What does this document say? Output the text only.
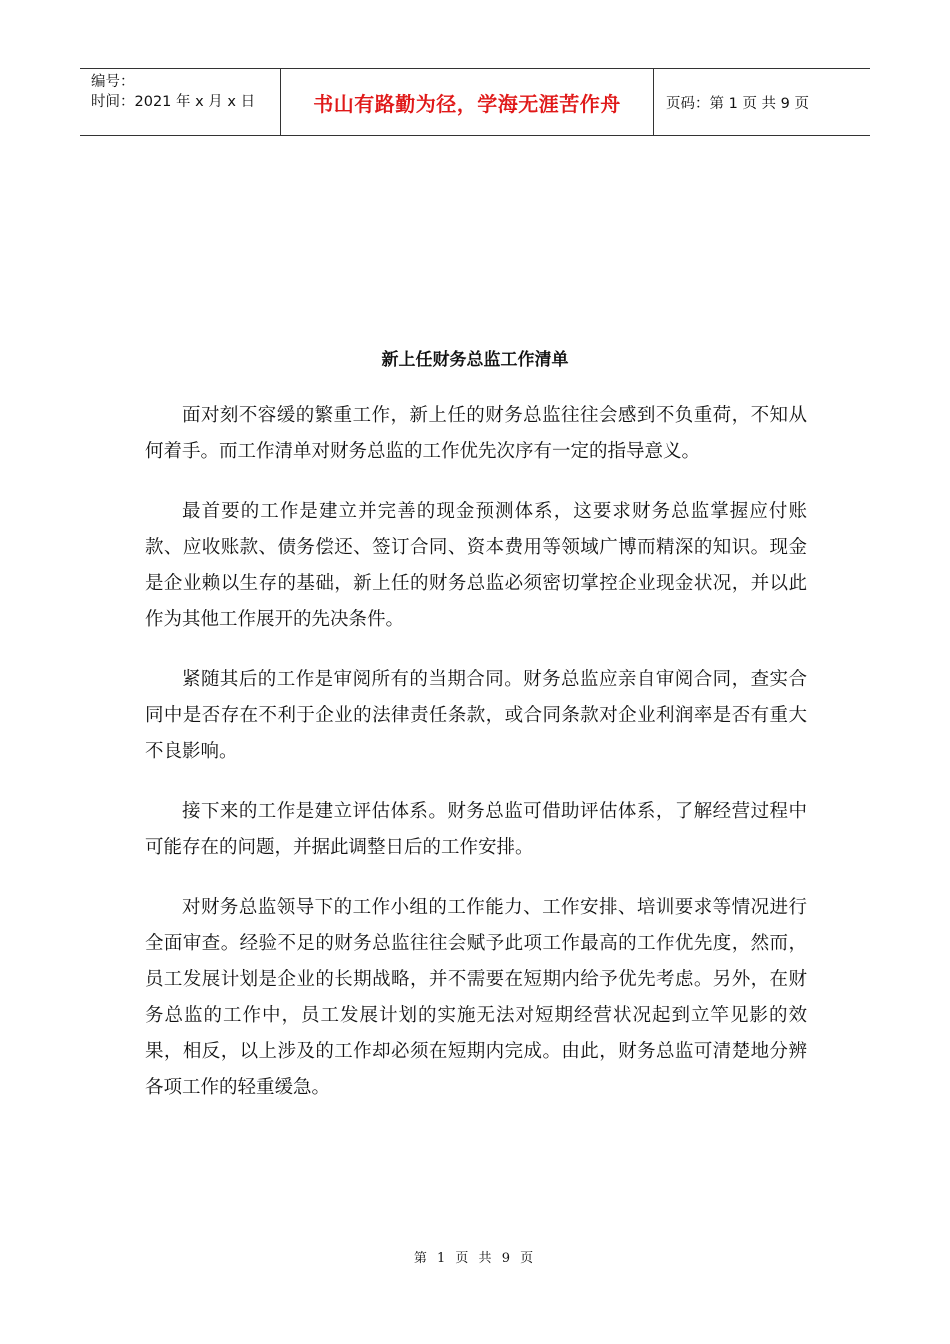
编号：
时间：2021 年 x 月 x 日	书山有路勤为径，学海无涯苦作舟	页码：第 1 页 共 9 页
新上任财务总监工作清单

面对刻不容缓的繁重工作，新上任的财务总监往往会感到不负重荷，不知从何着手。而工作清单对财务总监的工作优先次序有一定的指导意义。

最首要的工作是建立并完善的现金预测体系，这要求财务总监掌握应付账款、应收账款、债务偿还、签订合同、资本费用等领域广博而精深的知识。现金是企业赖以生存的基础，新上任的财务总监必须密切掌控企业现金状况，并以此作为其他工作展开的先决条件。

紧随其后的工作是审阅所有的当期合同。财务总监应亲自审阅合同，查实合同中是否存在不利于企业的法律责任条款，或合同条款对企业利润率是否有重大不良影响。

接下来的工作是建立评估体系。财务总监可借助评估体系，了解经营过程中可能存在的问题，并据此调整日后的工作安排。

对财务总监领导下的工作小组的工作能力、工作安排、培训要求等情况进行全面审查。经验不足的财务总监往往会赋予此项工作最高的工作优先度，然而，员工发展计划是企业的长期战略，并不需要在短期内给予优先考虑。另外，在财务总监的工作中，员工发展计划的实施无法对短期经营状况起到立竿见影的效果，相反，以上涉及的工作却必须在短期内完成。由此，财务总监可清楚地分辨各项工作的轻重缓急。

第 1 页 共 9 页
